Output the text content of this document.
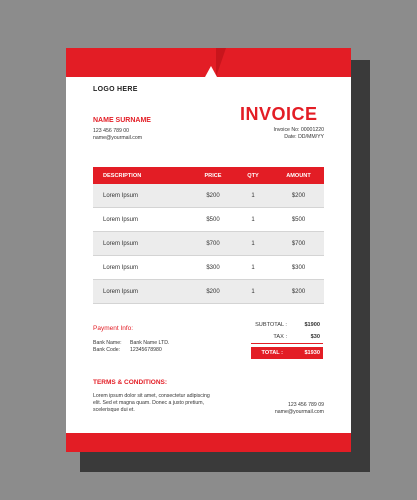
LOGO HERE
NAME SURNAME
123 456 789 00
name@yourmail.com
INVOICE
Invoice No: 00001220
Date: DD/MM/YY
DESCRIPTION	PRICE	QTY	AMOUNT
Lorem Ipsum	$200	1	$200
Lorem Ipsum	$500	1	$500
Lorem Ipsum	$700	1	$700
Lorem Ipsum	$300	1	$300
Lorem Ipsum	$200	1	$200
Payment Info:
Bank Name: Bank Name LTD.
Bank Code: 12345678980
SUBTOTAL :	$1900
TAX :	$30
TOTAL :	$1930
TERMS & CONDITIONS:
Lorem ipsum dolor sit amet, consectetur adipiscing
elit. Sed et magna quam. Donec a justo pretium,
scelerisque dui et.
123 456 789 09
name@yourmail.com
